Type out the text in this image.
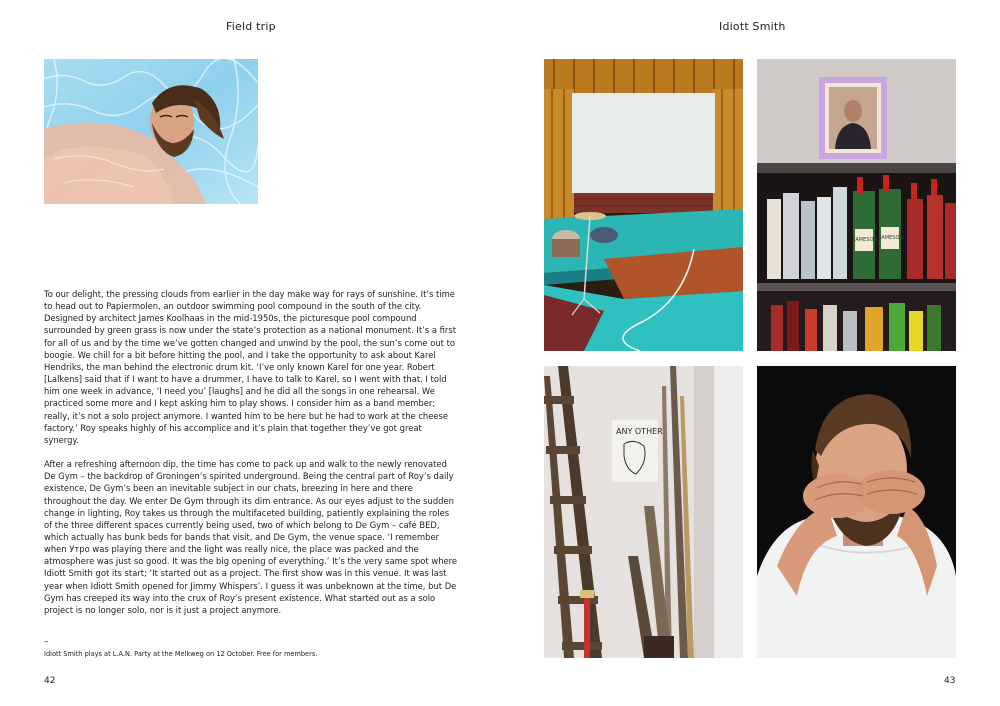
Field trip

To our delight, the pressing clouds from earlier in the day make way for rays of sunshine. It’s time to head out to Papiermolen, an outdoor swimming pool compound in the south of the city. Designed by architect James Koolhaas in the mid-1950s, the picturesque pool compound surrounded by green grass is now under the state’s protection as a national monument. It’s a first for all of us and by the time we’ve gotten changed and unwind by the pool, the sun’s come out to boogie. We chill for a bit before hitting the pool, and I take the opportunity to ask about Karel Hendriks, the man behind the electronic drum kit. ‘I’ve only known Karel for one year. Robert [Lalkens] said that if I want to have a drummer, I have to talk to Karel, so I went with that. I told him one week in advance, ‘I need you’ [laughs] and he did all the songs in one rehearsal. We practiced some more and I kept asking him to play shows. I consider him as a band member; really, it’s not a solo project anymore. I wanted him to be here but he had to work at the cheese factory.’ Roy speaks highly of his accomplice and it’s plain that together they’ve got great synergy.

After a refreshing afternoon dip, the time has come to pack up and walk to the newly renovated De Gym – the backdrop of Groningen’s spirited underground. Being the central part of Roy’s daily existence, De Gym’s been an inevitable subject in our chats, breezing in here and there throughout the day. We enter De Gym through its dim entrance. As our eyes adjust to the sudden change in lighting, Roy takes us through the multifaceted building, patiently explaining the roles of the three different spaces currently being used, two of which belong to De Gym – café BED, which actually has bunk beds for bands that visit, and De Gym, the venue space. ‘I remember when Утро was playing there and the light was really nice, the place was packed and the atmosphere was just so good. It was the big opening of everything.’ It’s the very same spot where Idiott Smith got its start; ‘It started out as a project. The first show was in this venue. It was last year when Idiott Smith opened for Jimmy Whispers’. I guess it was unbeknown at the time, but De Gym has creeped its way into the crux of Roy’s present existence. What started out as a solo project is no longer solo, nor is it just a project anymore.

–
Idiott Smith plays at L.A.N. Party at the Melkweg on 12 October. Free for members.
42
Idiott Smith
JAMESON JAMESON
ANY OTHER
43
